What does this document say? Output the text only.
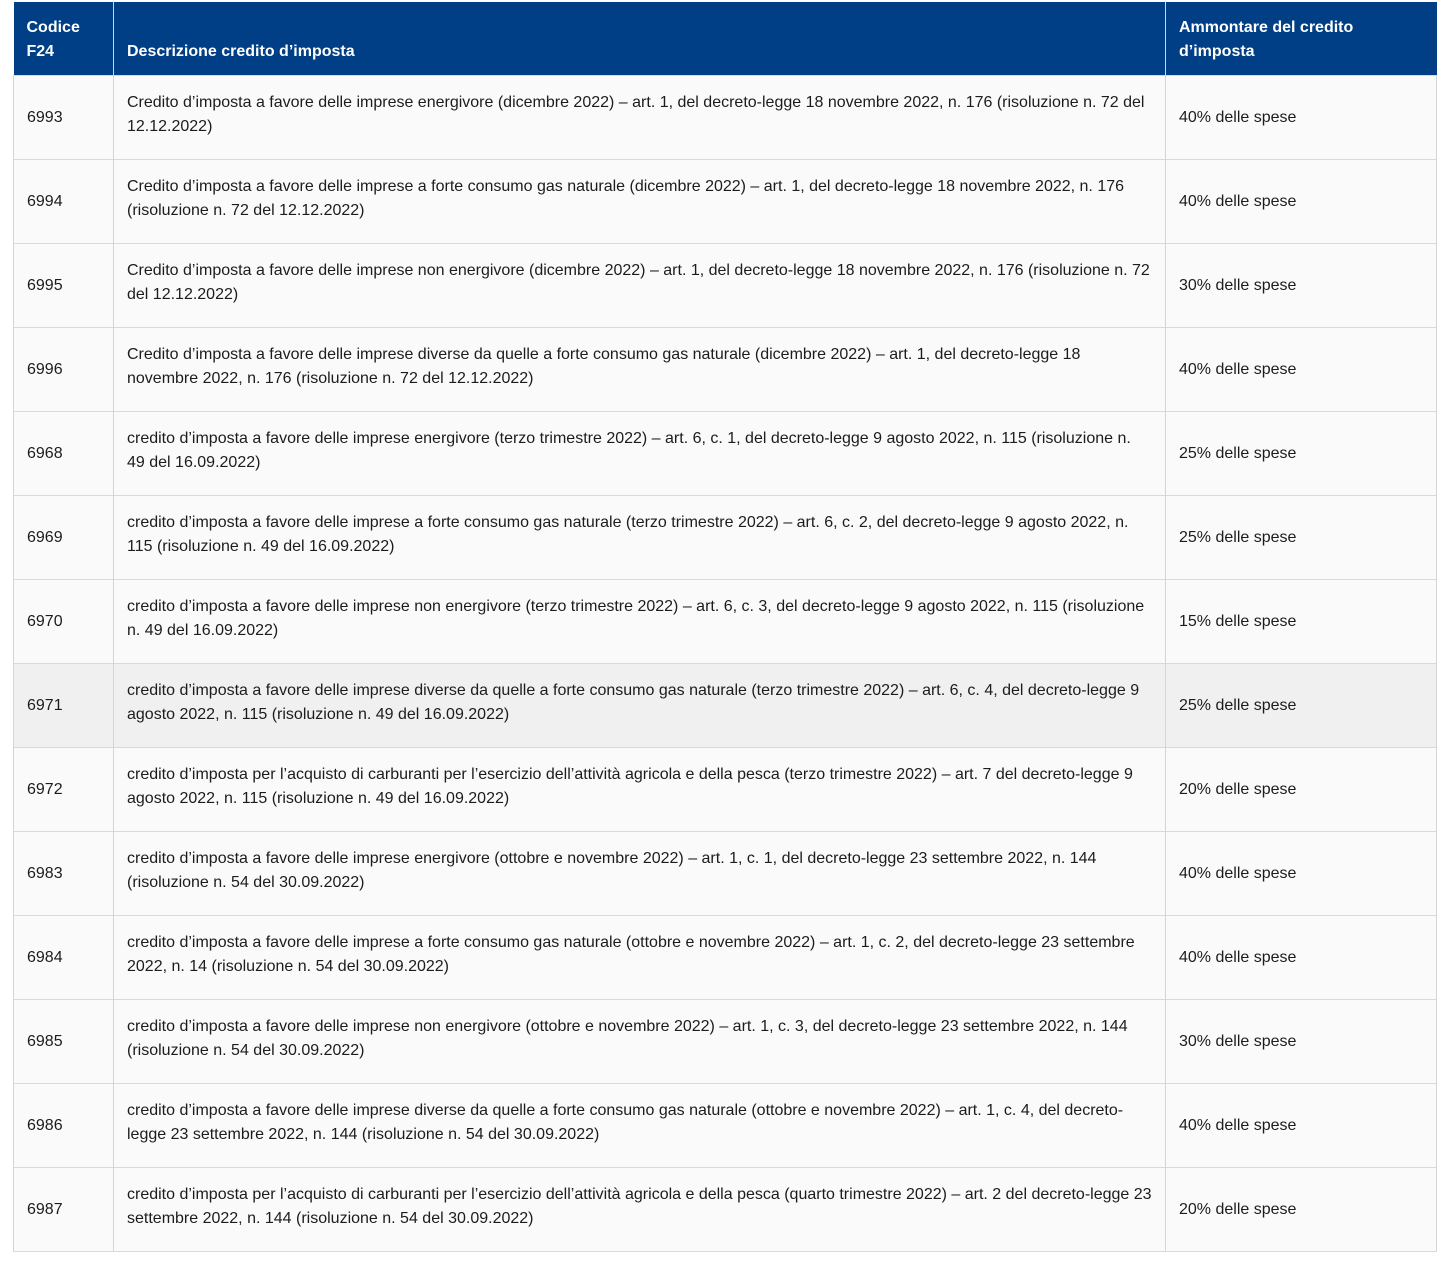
Codice F24	Descrizione credito d’imposta	Ammontare del credito d’imposta
6993	Credito d’imposta a favore delle imprese energivore (dicembre 2022) – art. 1, del decreto-legge 18 novembre 2022, n. 176 (risoluzione n. 72 del 12.12.2022)	40% delle spese
6994	Credito d’imposta a favore delle imprese a forte consumo gas naturale (dicembre 2022) – art. 1, del decreto-legge 18 novembre 2022, n. 176 (risoluzione n. 72 del 12.12.2022)	40% delle spese
6995	Credito d’imposta a favore delle imprese non energivore (dicembre 2022) – art. 1, del decreto-legge 18 novembre 2022, n. 176 (risoluzione n. 72 del 12.12.2022)	30% delle spese
6996	Credito d’imposta a favore delle imprese diverse da quelle a forte consumo gas naturale (dicembre 2022) – art. 1, del decreto-legge 18 novembre 2022, n. 176 (risoluzione n. 72 del 12.12.2022)	40% delle spese
6968	credito d’imposta a favore delle imprese energivore (terzo trimestre 2022) – art. 6, c. 1, del decreto-legge 9 agosto 2022, n. 115 (risoluzione n. 49 del 16.09.2022)	25% delle spese
6969	credito d’imposta a favore delle imprese a forte consumo gas naturale (terzo trimestre 2022) – art. 6, c. 2, del decreto-legge 9 agosto 2022, n. 115 (risoluzione n. 49 del 16.09.2022)	25% delle spese
6970	credito d’imposta a favore delle imprese non energivore (terzo trimestre 2022) – art. 6, c. 3, del decreto-legge 9 agosto 2022, n. 115 (risoluzione n. 49 del 16.09.2022)	15% delle spese
6971	credito d’imposta a favore delle imprese diverse da quelle a forte consumo gas naturale (terzo trimestre 2022) – art. 6, c. 4, del decreto-legge 9 agosto 2022, n. 115 (risoluzione n. 49 del 16.09.2022)	25% delle spese
6972	credito d’imposta per l’acquisto di carburanti per l’esercizio dell’attività agricola e della pesca (terzo trimestre 2022) – art. 7 del decreto-legge 9 agosto 2022, n. 115 (risoluzione n. 49 del 16.09.2022)	20% delle spese
6983	credito d’imposta a favore delle imprese energivore (ottobre e novembre 2022) – art. 1, c. 1, del decreto-legge 23 settembre 2022, n. 144 (risoluzione n. 54 del 30.09.2022)	40% delle spese
6984	credito d’imposta a favore delle imprese a forte consumo gas naturale (ottobre e novembre 2022) – art. 1, c. 2, del decreto-legge 23 settembre 2022, n. 14 (risoluzione n. 54 del 30.09.2022)	40% delle spese
6985	credito d’imposta a favore delle imprese non energivore (ottobre e novembre 2022) – art. 1, c. 3, del decreto-legge 23 settembre 2022, n. 144 (risoluzione n. 54 del 30.09.2022)	30% delle spese
6986	credito d’imposta a favore delle imprese diverse da quelle a forte consumo gas naturale (ottobre e novembre 2022) – art. 1, c. 4, del decreto-legge 23 settembre 2022, n. 144 (risoluzione n. 54 del 30.09.2022)	40% delle spese
6987	credito d’imposta per l’acquisto di carburanti per l’esercizio dell’attività agricola e della pesca (quarto trimestre 2022) – art. 2 del decreto-legge 23 settembre 2022, n. 144 (risoluzione n. 54 del 30.09.2022)	20% delle spese
